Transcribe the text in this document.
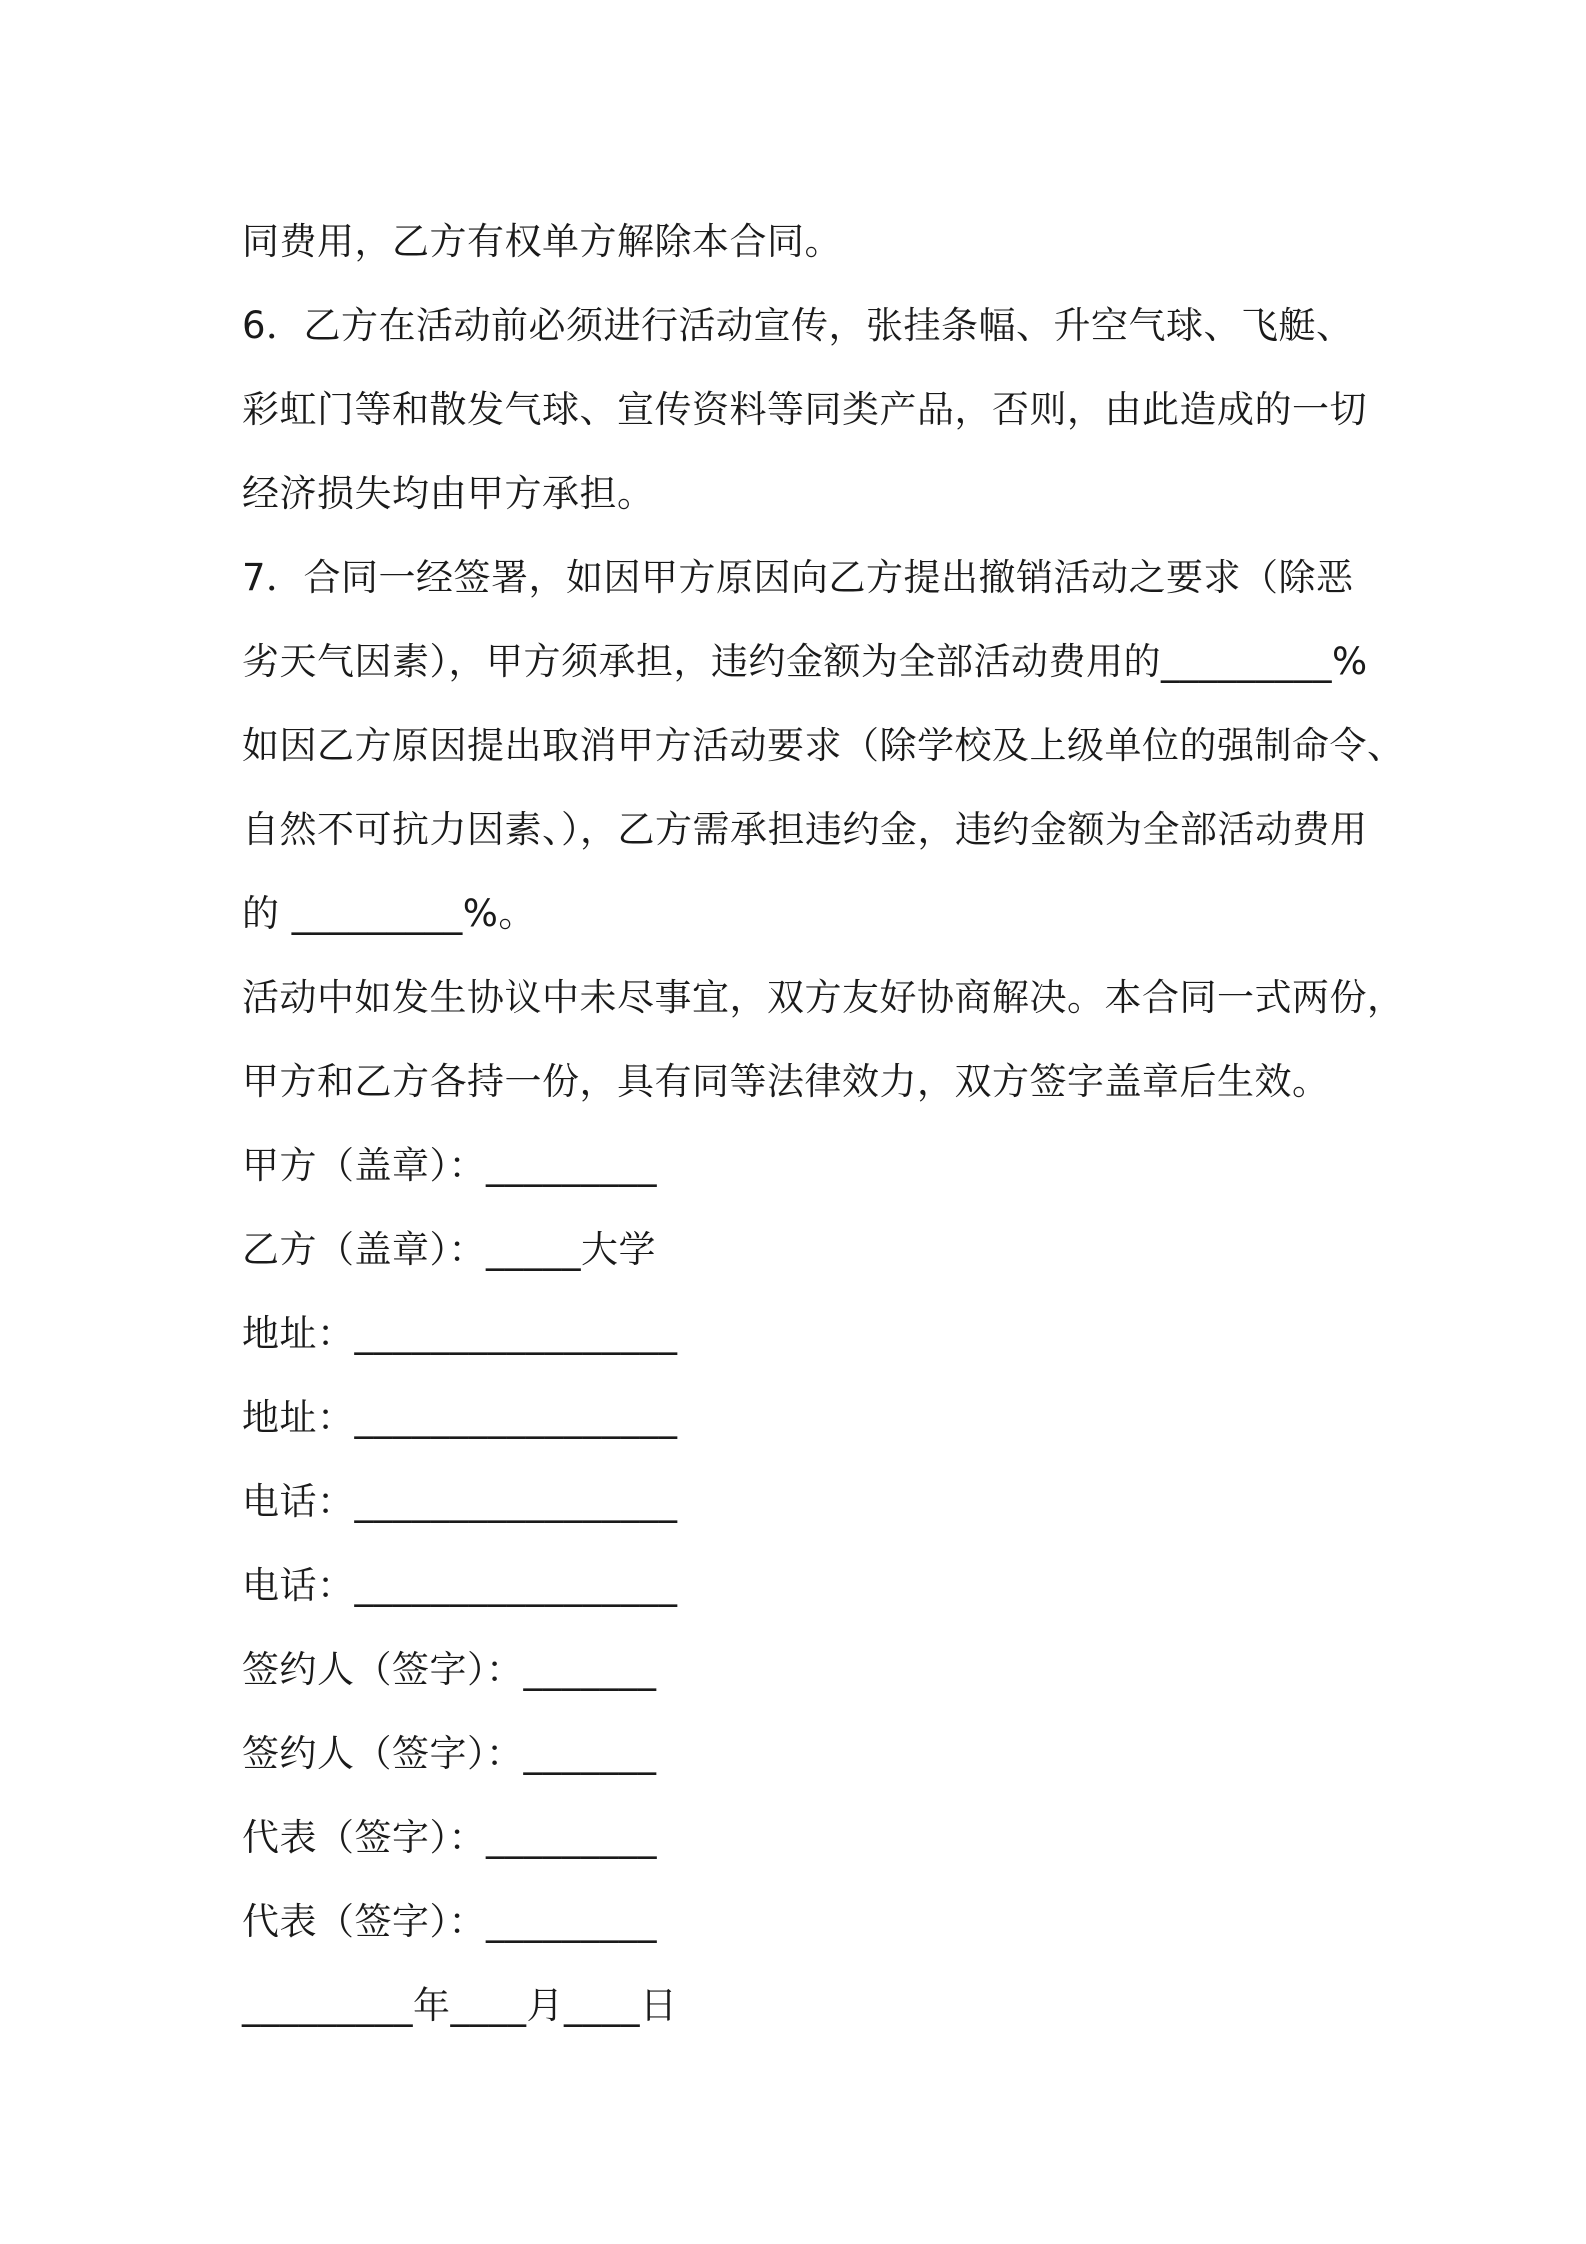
同费用，乙方有权单方解除本合同。
6．乙方在活动前必须进行活动宣传，张挂条幅、升空气球、飞艇、
彩虹门等和散发气球、宣传资料等同类产品，否则，由此造成的一切
经济损失均由甲方承担。
7．合同一经签署，如因甲方原因向乙方提出撤销活动之要求（除恶
劣天气因素），甲方须承担，违约金额为全部活动费用的_________%
如因乙方原因提出取消甲方活动要求（除学校及上级单位的强制命令、
自然不可抗力因素、），乙方需承担违约金，违约金额为全部活动费用
的 _________%。
活动中如发生协议中未尽事宜，双方友好协商解决。本合同一式两份，
甲方和乙方各持一份，具有同等法律效力，双方签字盖章后生效。
甲方（盖章）：_________
乙方（盖章）：_____大学
地址：_________________
地址：_________________
电话：_________________
电话：_________________
签约人（签字）：_______
签约人（签字）：_______
代表（签字）：_________
代表（签字）：_________
_________年____月____日
